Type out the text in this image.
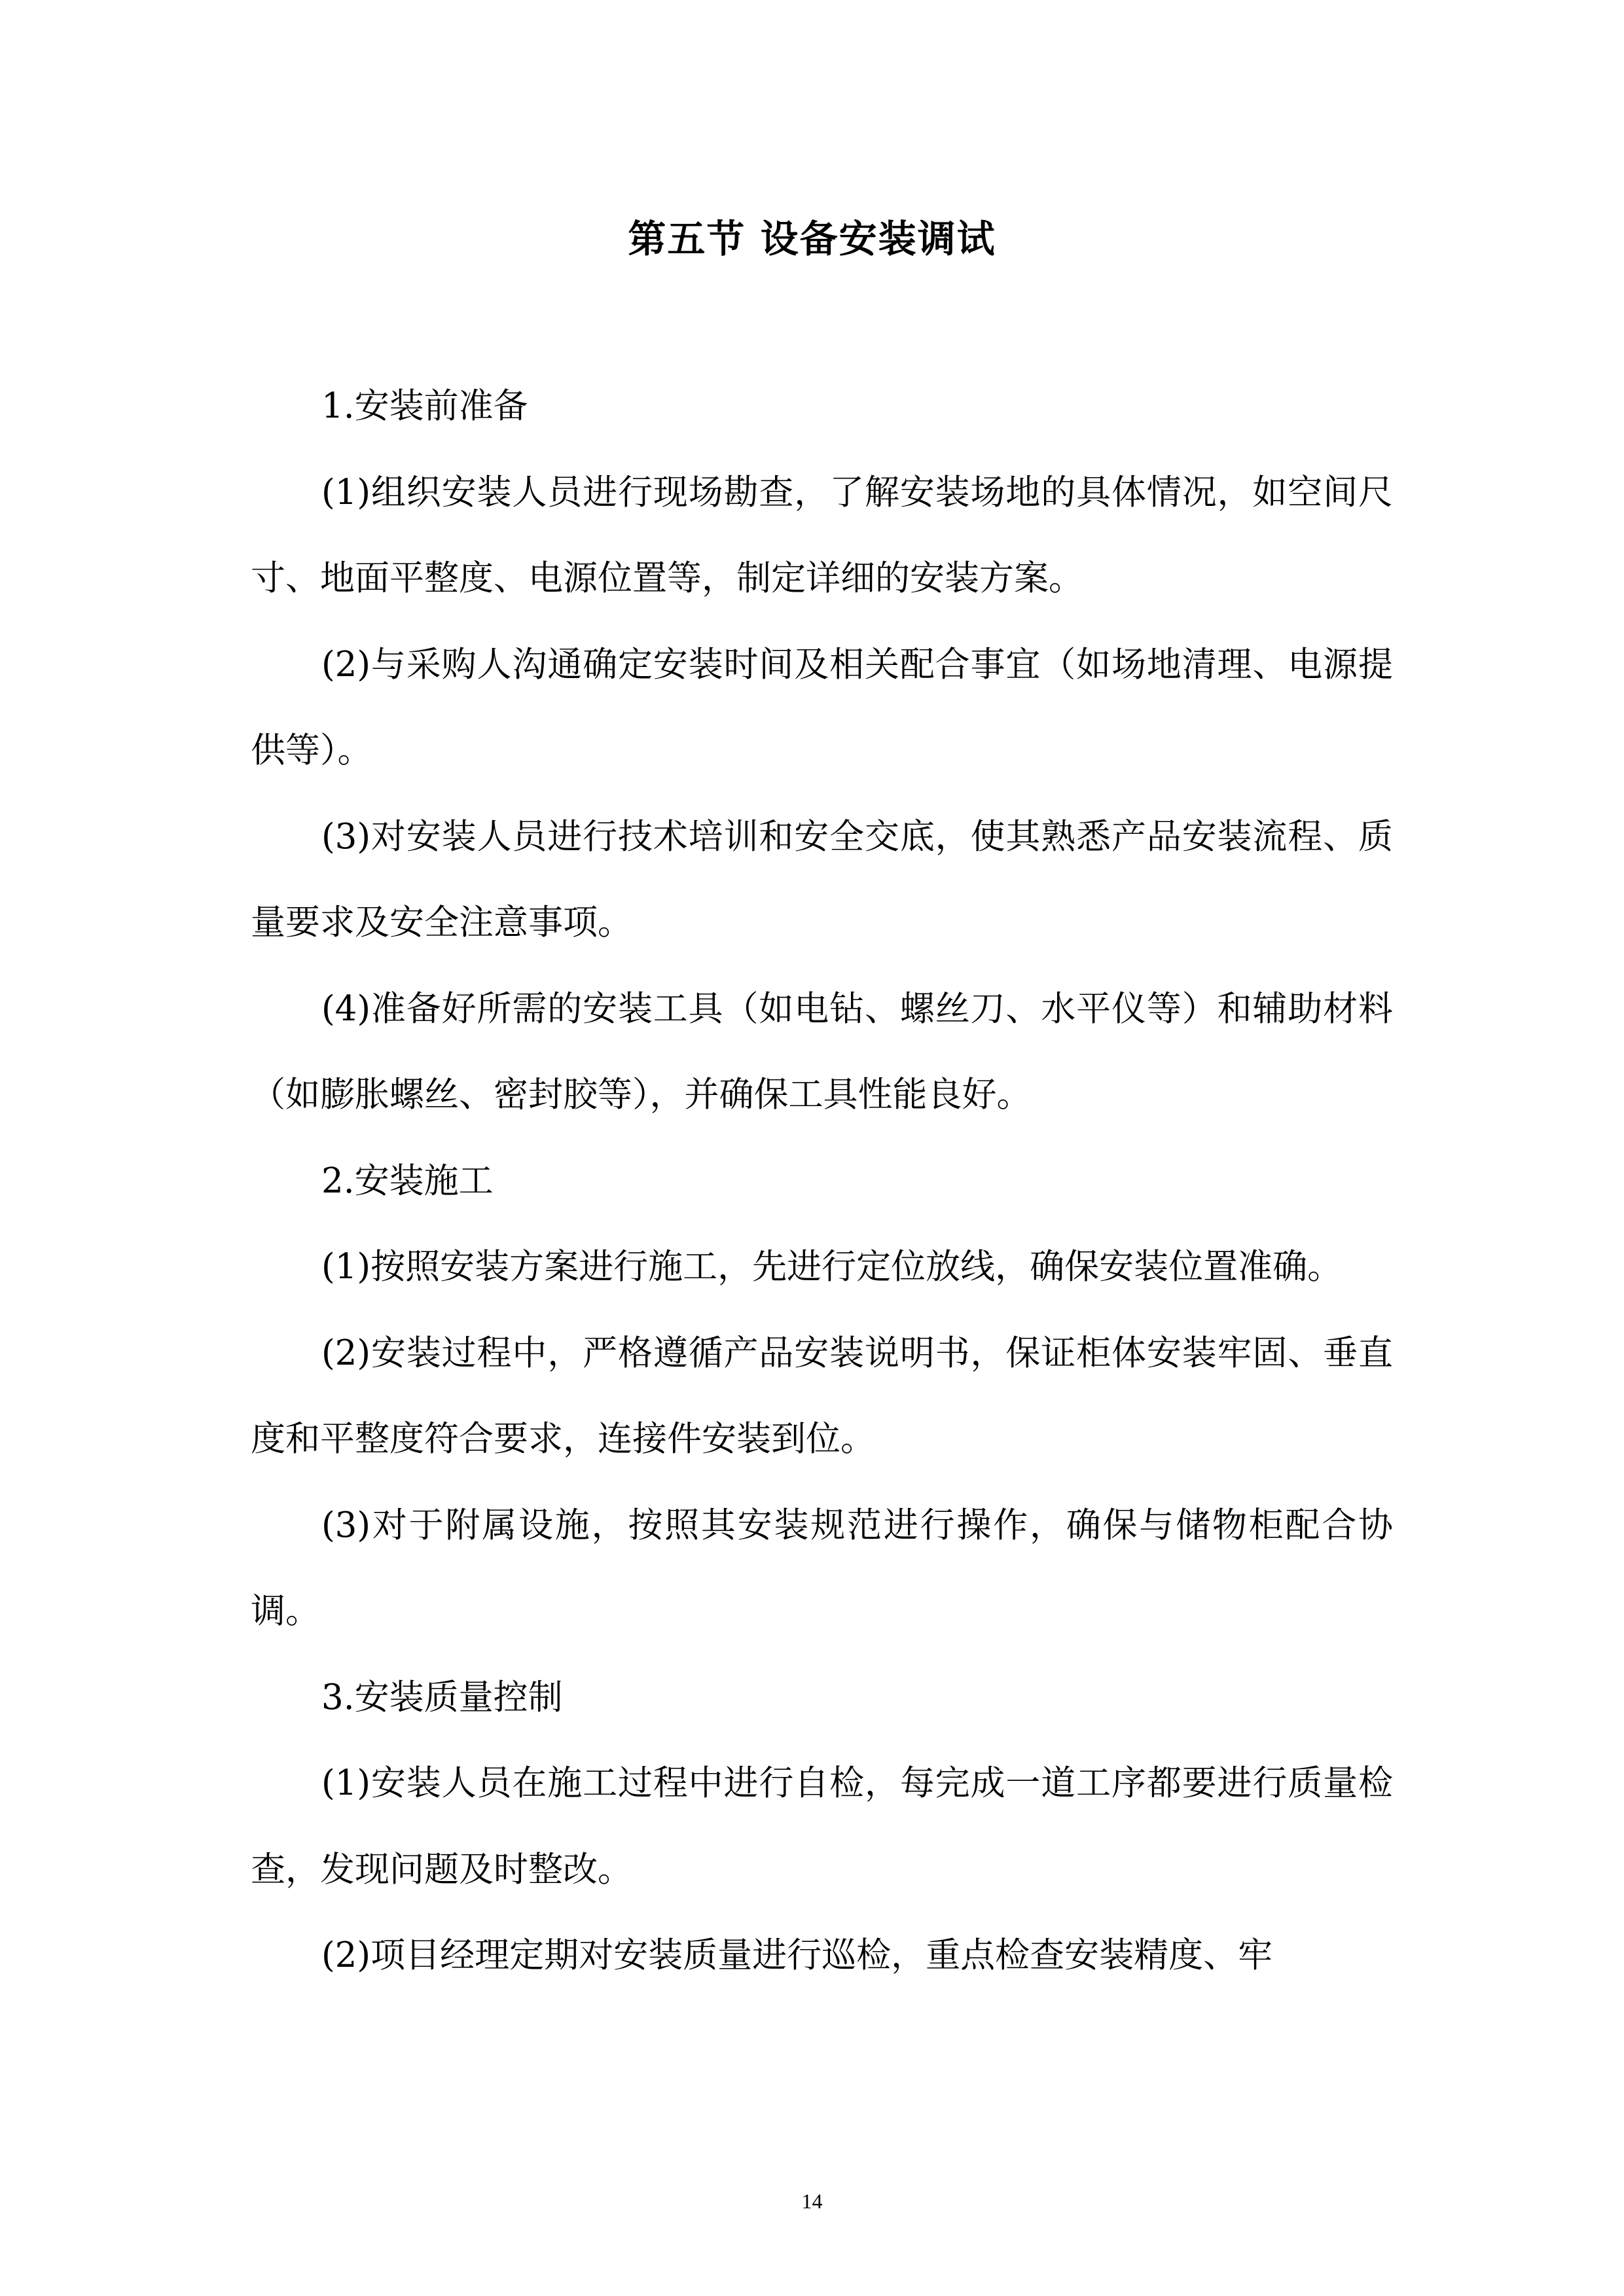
第五节 设备安装调试

1.安装前准备

(1)组织安装人员进行现场勘查，了解安装场地的具体情况，如空间尺寸、地面平整度、电源位置等，制定详细的安装方案。

(2)与采购人沟通确定安装时间及相关配合事宜（如场地清理、电源提供等）。

(3)对安装人员进行技术培训和安全交底，使其熟悉产品安装流程、质量要求及安全注意事项。

(4)准备好所需的安装工具（如电钻、螺丝刀、水平仪等）和辅助材料（如膨胀螺丝、密封胶等），并确保工具性能良好。

2.安装施工

(1)按照安装方案进行施工，先进行定位放线，确保安装位置准确。

(2)安装过程中，严格遵循产品安装说明书，保证柜体安装牢固、垂直度和平整度符合要求，连接件安装到位。

(3)对于附属设施，按照其安装规范进行操作，确保与储物柜配合协调。

3.安装质量控制

(1)安装人员在施工过程中进行自检，每完成一道工序都要进行质量检查，发现问题及时整改。

(2)项目经理定期对安装质量进行巡检，重点检查安装精度、牢

14
